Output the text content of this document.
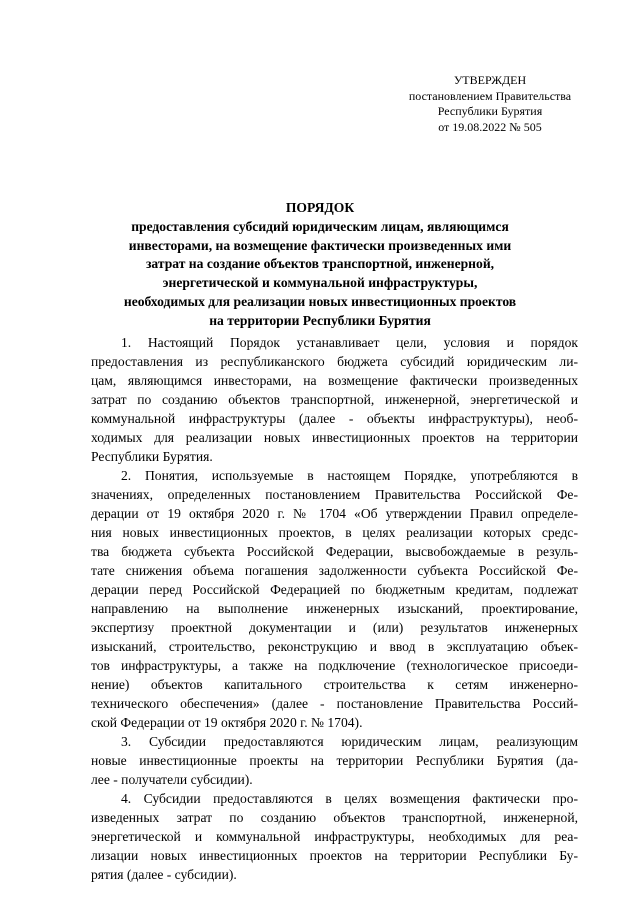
УТВЕРЖДЕН
постановлением Правительства
Республики Бурятия
от 19.08.2022 № 505
ПОРЯДОК
предоставления субсидий юридическим лицам, являющимся
инвесторами, на возмещение фактически произведенных ими
затрат на создание объектов транспортной, инженерной,
энергетической и коммунальной инфраструктуры,
необходимых для реализации новых инвестиционных проектов
на территории Республики Бурятия

1. Настоящий Порядок устанавливает цели, условия и порядок
предоставления из республиканского бюджета субсидий юридическим ли-
цам, являющимся инвесторами, на возмещение фактически произведенных
затрат по созданию объектов транспортной, инженерной, энергетической и
коммунальной инфраструктуры (далее - объекты инфраструктуры), необ-
ходимых для реализации новых инвестиционных проектов на территории
Республики Бурятия.

2. Понятия, используемые в настоящем Порядке, употребляются в
значениях, определенных постановлением Правительства Российской Фе-
дерации от 19 октября 2020 г. № 1704 «Об утверждении Правил определе-
ния новых инвестиционных проектов, в целях реализации которых средс-
тва бюджета субъекта Российской Федерации, высвобождаемые в резуль-
тате снижения объема погашения задолженности субъекта Российской Фе-
дерации перед Российской Федерацией по бюджетным кредитам, подлежат
направлению на выполнение инженерных изысканий, проектирование,
экспертизу проектной документации и (или) результатов инженерных
изысканий, строительство, реконструкцию и ввод в эксплуатацию объек-
тов инфраструктуры, а также на подключение (технологическое присоеди-
нение) объектов капитального строительства к сетям инженерно-
технического обеспечения» (далее - постановление Правительства Россий-
ской Федерации от 19 октября 2020 г. № 1704).

3. Субсидии предоставляются юридическим лицам, реализующим
новые инвестиционные проекты на территории Республики Бурятия (да-
лее - получатели субсидии).

4. Субсидии предоставляются в целях возмещения фактически про-
изведенных затрат по созданию объектов транспортной, инженерной,
энергетической и коммунальной инфраструктуры, необходимых для реа-
лизации новых инвестиционных проектов на территории Республики Бу-
рятия (далее - субсидии).
